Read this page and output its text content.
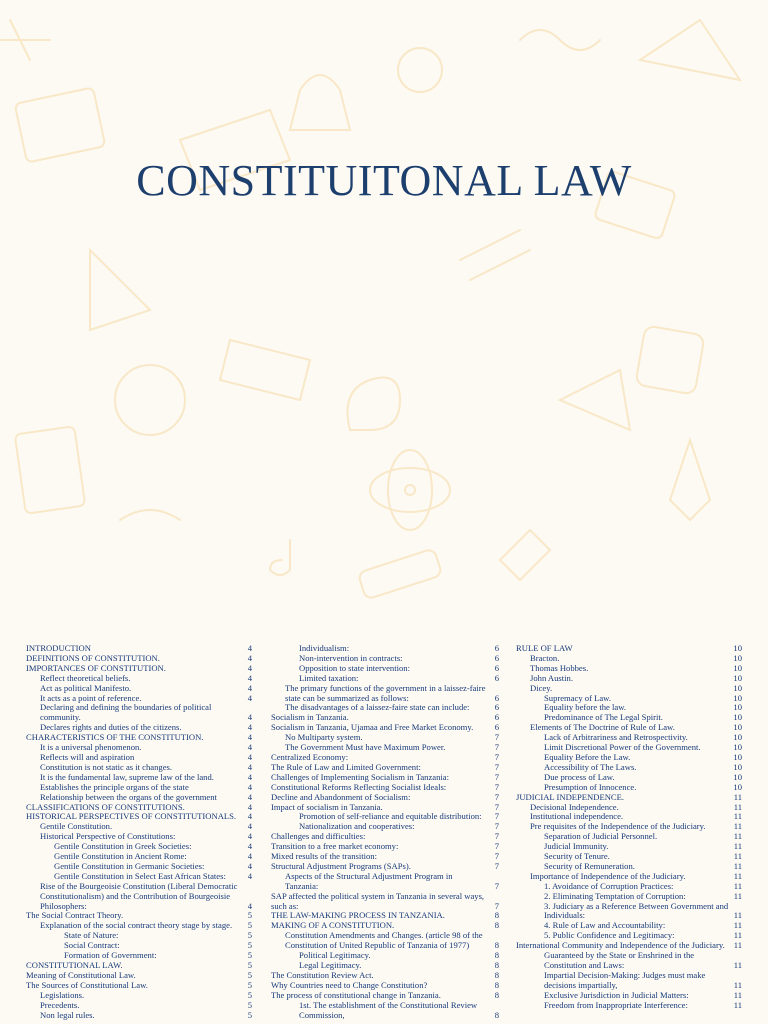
CONSTITUITONAL LAW
INTRODUCTION	4
DEFINITIONS OF CONSTITUTION.	4
IMPORTANCES OF CONSTITUTION.	4
Reflect theoretical beliefs.	4
Act as political Manifesto.	4
It acts as a point of reference.	4
Declaring and defining the boundaries of political community.	4
Declares rights and duties of the citizens.	4
CHARACTERISTICS OF THE CONSTITUTION.	4
It is a universal phenomenon.	4
Reflects will and aspiration	4
Constitution is not static as it changes.	4
It is the fundamental law, supreme law of the land.	4
Establishes the principle organs of the state	4
Relationship between the organs of the government	4
CLASSIFICATIONS OF CONSTITUTIONS.	4
HISTORICAL PERSPECTIVES OF CONSTITUTIONALS. 4
Gentile Constitution.	4
Historical Perspective of Constitutions:	4
Gentile Constitution in Greek Societies:	4
Gentile Constitution in Ancient Rome:	4
Gentile Constitution in Germanic Societies:	4
Gentile Constitution in Select East African States:	4
Rise of the Bourgeoisie Constitution (Liberal Democratic Constitutionalism) and the Contribution of Bourgeoisie Philosophers:	4
The Social Contract Theory.	5
Explanation of the social contract theory stage by stage. 5
State of Nature:	5
Social Contract:	5
Formation of Government:	5
CONSTITUTIONAL LAW.	5
Meaning of Constitutional Law.	5
The Sources of Constitutional Law.	5
Legislations.	5
Precedents.	5
Non legal rules.	5
Individualism:	6
Non-intervention in contracts:	6
Opposition to state intervention:	6
Limited taxation:	6
The primary functions of the government in a laissez-faire state can be summarized as follows:	6
The disadvantages of a laissez-faire state can include:	6
Socialism in Tanzania.	6
Socialism in Tanzania, Ujamaa and Free Market Economy. 6
No Multiparty system.	7
The Government Must have Maximum Power.	7
Centralized Economy:	7
The Rule of Law and Limited Government:	7
Challenges of Implementing Socialism in Tanzania:	7
Constitutional Reforms Reflecting Socialist Ideals:	7
Decline and Abandonment of Socialism:	7
Impact of socialism in Tanzania.	7
Promotion of self-reliance and equitable distribution: 7
Nationalization and cooperatives:	7
Challenges and difficulties:	7
Transition to a free market economy:	7
Mixed results of the transition:	7
Structural Adjustment Programs (SAPs).	7
Aspects of the Structural Adjustment Program in Tanzania:	7
SAP affected the political system in Tanzania in several ways, such as:	7
THE LAW-MAKING PROCESS IN TANZANIA.	8
MAKING OF A CONSTITUTION.	8
Constitution Amendments and Changes. (article 98 of the Constitution of United Republic of Tanzania of 1977)	8
Political Legitimacy.	8
Legal Legitimacy.	8
The Constitution Review Act.	8
Why Countries need to Change Constitution?	8
The process of constitutional change in Tanzania.	8
1st. The establishment of the Constitutional Review Commission,	8
RULE OF LAW	10
Bracton.	10
Thomas Hobbes.	10
John Austin.	10
Dicey.	10
Supremacy of Law.	10
Equality before the law.	10
Predominance of The Legal Spirit.	10
Elements of The Doctrine of Rule of Law.	10
Lack of Arbitrariness and Retrospectivity.	10
Limit Discretional Power of the Government.	10
Equality Before the Law.	10
Accessibility of The Laws.	10
Due process of Law.	10
Presumption of Innocence.	10
JUDICIAL INDEPENDENCE.	11
Decisional Independence.	11
Institutional independence.	11
Pre requisites of the Independence of the Judiciary.	11
Separation of Judicial Personnel.	11
Judicial Immunity.	11
Security of Tenure.	11
Security of Remuneration.	11
Importance of Independence of the Judiciary.	11
1. Avoidance of Corruption Practices:	11
2. Eliminating Temptation of Corruption:	11
3. Judiciary as a Reference Between Government and Individuals:	11
4. Rule of Law and Accountability:	11
5. Public Confidence and Legitimacy:	11
International Community and Independence of the Judiciary. 11
Guaranteed by the State or Enshrined in the Constitution and Laws:	11
Impartial Decision-Making: Judges must make decisions impartially,	11
Exclusive Jurisdiction in Judicial Matters:	11
Freedom from Inappropriate Interference:	11
